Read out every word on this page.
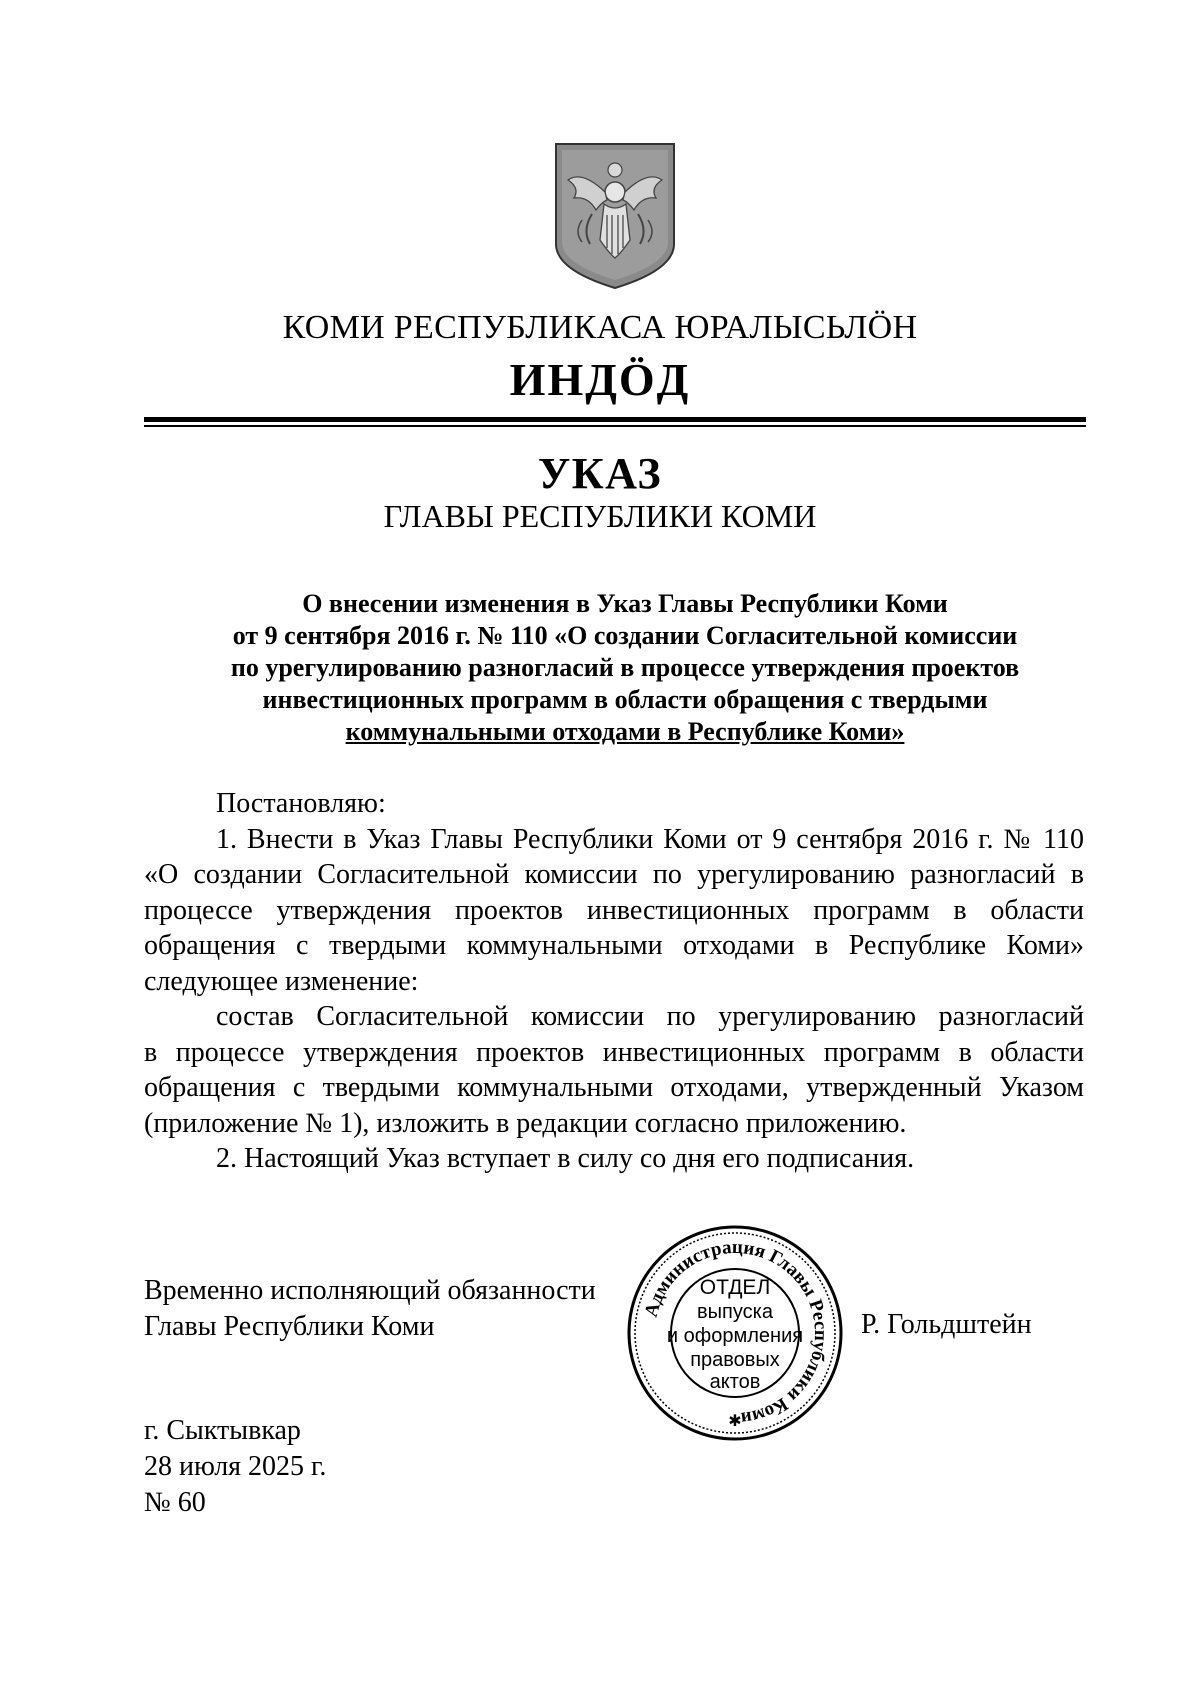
КОМИ РЕСПУБЛИКАСА ЮРАЛЫСЬЛÖН
ИНДÖД
УКАЗ
ГЛАВЫ РЕСПУБЛИКИ КОМИ
О внесении изменения в Указ Главы Республики Коми
от 9 сентября 2016 г. № 110 «О создании Согласительной комиссии
по урегулированию разногласий в процессе утверждения проектов
инвестиционных программ в области обращения с твердыми
коммунальными отходами в Республике Коми»
Постановляю:
1. Внести в Указ Главы Республики Коми от 9 сентября 2016 г. № 110
«О создании Согласительной комиссии по урегулированию разногласий в
процессе утверждения проектов инвестиционных программ в области
обращения с твердыми коммунальными отходами в Республике Коми»
следующее изменение:
состав Согласительной комиссии по урегулированию разногласий
в процессе утверждения проектов инвестиционных программ в области
обращения с твердыми коммунальными отходами, утвержденный Указом
(приложение № 1), изложить в редакции согласно приложению.
2. Настоящий Указ вступает в силу со дня его подписания.
Временно исполняющий обязанности
Главы Республики Коми
Администрация Главы Республики Коми
ОТДЕЛ
выпуска
и оформления
правовых
актов
✱
Р. Гольдштейн
г. Сыктывкар
28 июля 2025 г.
№ 60
